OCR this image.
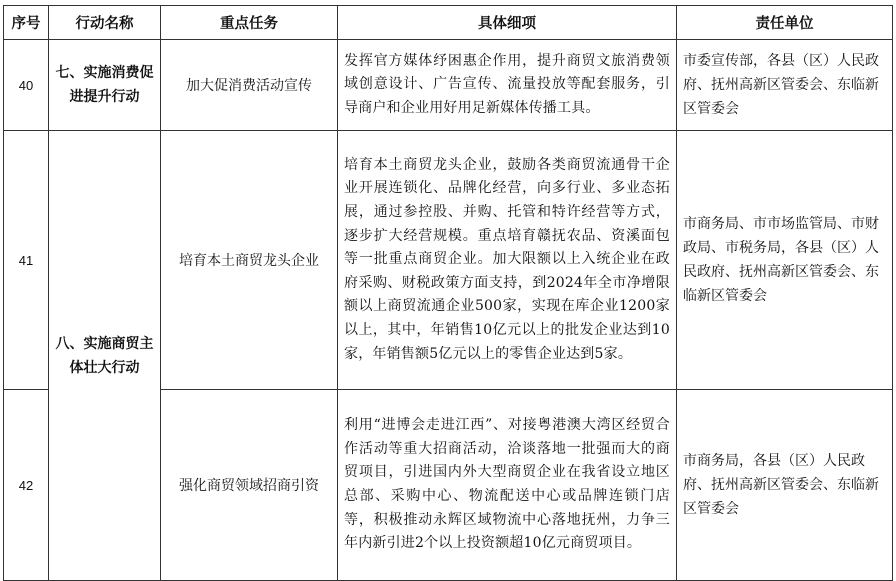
序号	行动名称	重点任务	具体细项	责任单位
40	七、实施消费促进提升行动	加大促消费活动宣传	发挥官方媒体纾困惠企作用，提升商贸文旅消费领域创意设计、广告宣传、流量投放等配套服务，引导商户和企业用好用足新媒体传播工具。	市委宣传部，各县（区）人民政府、抚州高新区管委会、东临新区管委会
41	八、实施商贸主体壮大行动	培育本土商贸龙头企业	培育本土商贸龙头企业，鼓励各类商贸流通骨干企业开展连锁化、品牌化经营，向多行业、多业态拓展，通过参控股、并购、托管和特许经营等方式，逐步扩大经营规模。重点培育赣抚农品、资溪面包等一批重点商贸企业。加大限额以上入统企业在政府采购、财税政策方面支持，到2024年全市净增限额以上商贸流通企业500家，实现在库企业1200家以上，其中，年销售10亿元以上的批发企业达到10家，年销售额5亿元以上的零售企业达到5家。	市商务局、市市场监管局、市财政局、市税务局，各县（区）人民政府、抚州高新区管委会、东临新区管委会
42		强化商贸领域招商引资	利用“进博会走进江西”、对接粤港澳大湾区经贸合作活动等重大招商活动，洽谈落地一批强而大的商贸项目，引进国内外大型商贸企业在我省设立地区总部、采购中心、物流配送中心或品牌连锁门店等，积极推动永辉区域物流中心落地抚州，力争三年内新引进2个以上投资额超10亿元商贸项目。	市商务局，各县（区）人民政府、抚州高新区管委会、东临新区管委会
